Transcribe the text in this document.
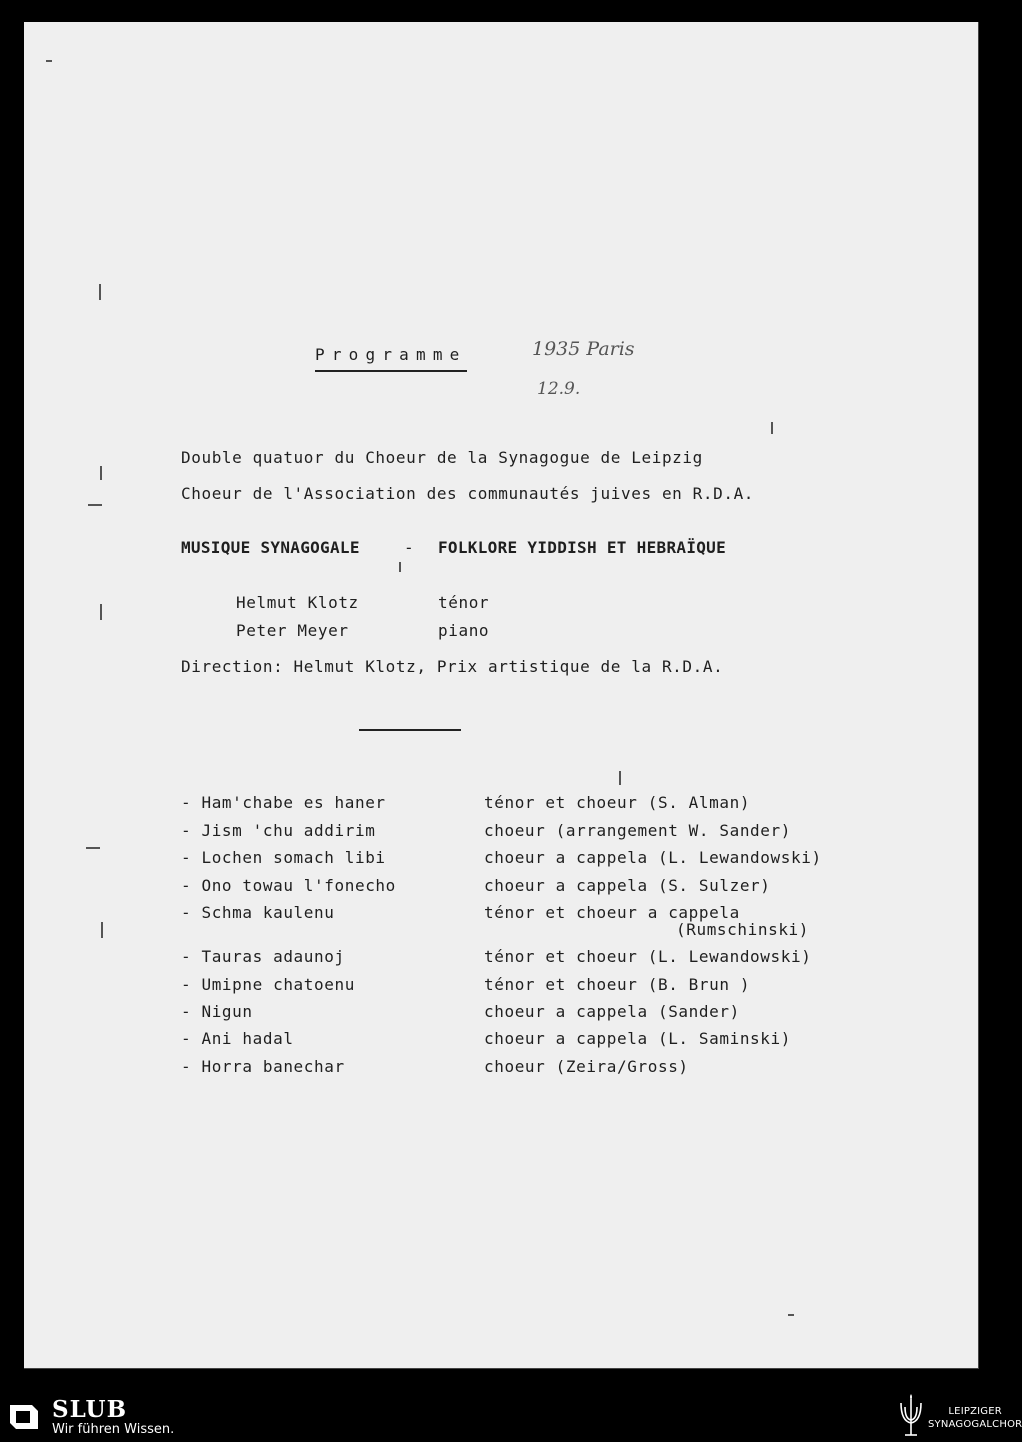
Programme	1935 Paris
12.9.
Double quatuor du Choeur de la Synagogue de Leipzig
Choeur de l'Association des communautés juives en R.D.A.
MUSIQUE SYNAGOGALE	- FOLKLORE YIDDISH ET HEBRAÏQUE
Helmut Klotz	ténor
Peter Meyer	piano
Direction: Helmut Klotz, Prix artistique de la R.D.A.
- Ham'chabe es haner	ténor et choeur (S. Alman)
- Jism 'chu addirim	choeur (arrangement W. Sander)
- Lochen somach libi	choeur a cappela (L. Lewandowski)
- Ono towau l'fonecho	choeur a cappela (S. Sulzer)
- Schma kaulenu	ténor et choeur a cappela
(Rumschinski)
- Tauras adaunoj	ténor et choeur (L. Lewandowski)
- Umipne chatoenu	ténor et choeur (B. Brun )
- Nigun	choeur a cappela (Sander)
- Ani hadal	choeur a cappela (L. Saminski)
- Horra banechar	choeur (Zeira/Gross)
SLUB
Wir führen Wissen.
LEIPZIGER
SYNAGOGALCHOR
